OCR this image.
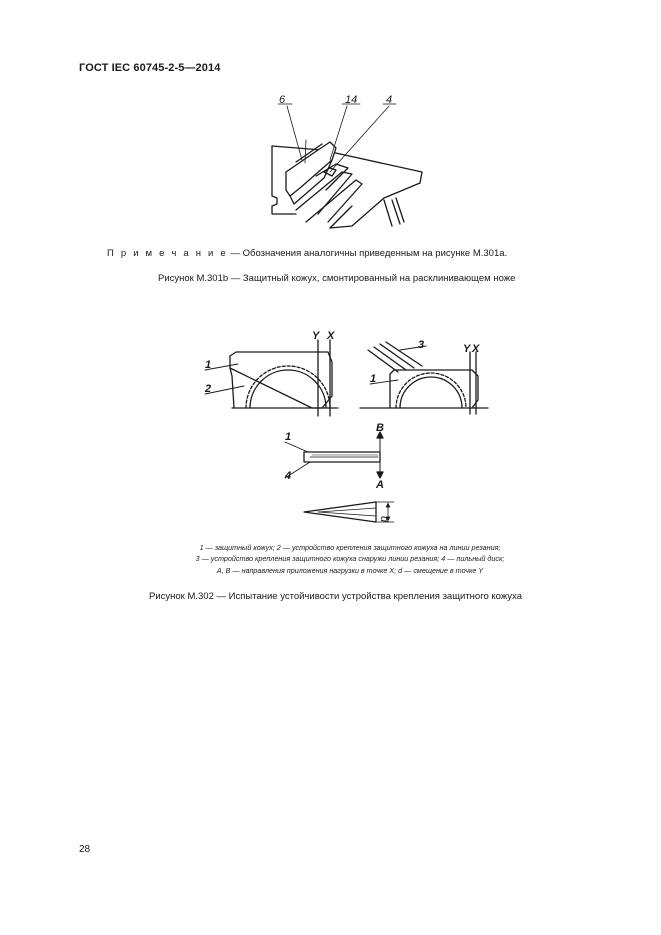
ГОСТ IEC 60745-2-5—2014
6	14	4
1
2
Y X
3
1
Y X
1
4
B
A
d
П р и м е ч а н и е — Обозначения аналогичны приведенным на рисунке М.301а.
Рисунок М.301b — Защитный кожух, смонтированный на расклинивающем ноже
1 — защитный кожух; 2 — устройство крепления защитного кожуха на линии резания;
3 — устройство крепления защитного кожуха снаружи линии резания; 4 — пильный диск;
A, B — направления приложения нагрузки в точке X; d — смещение в точке Y
Рисунок М.302 — Испытание устойчивости устройства крепления защитного кожуха
28
